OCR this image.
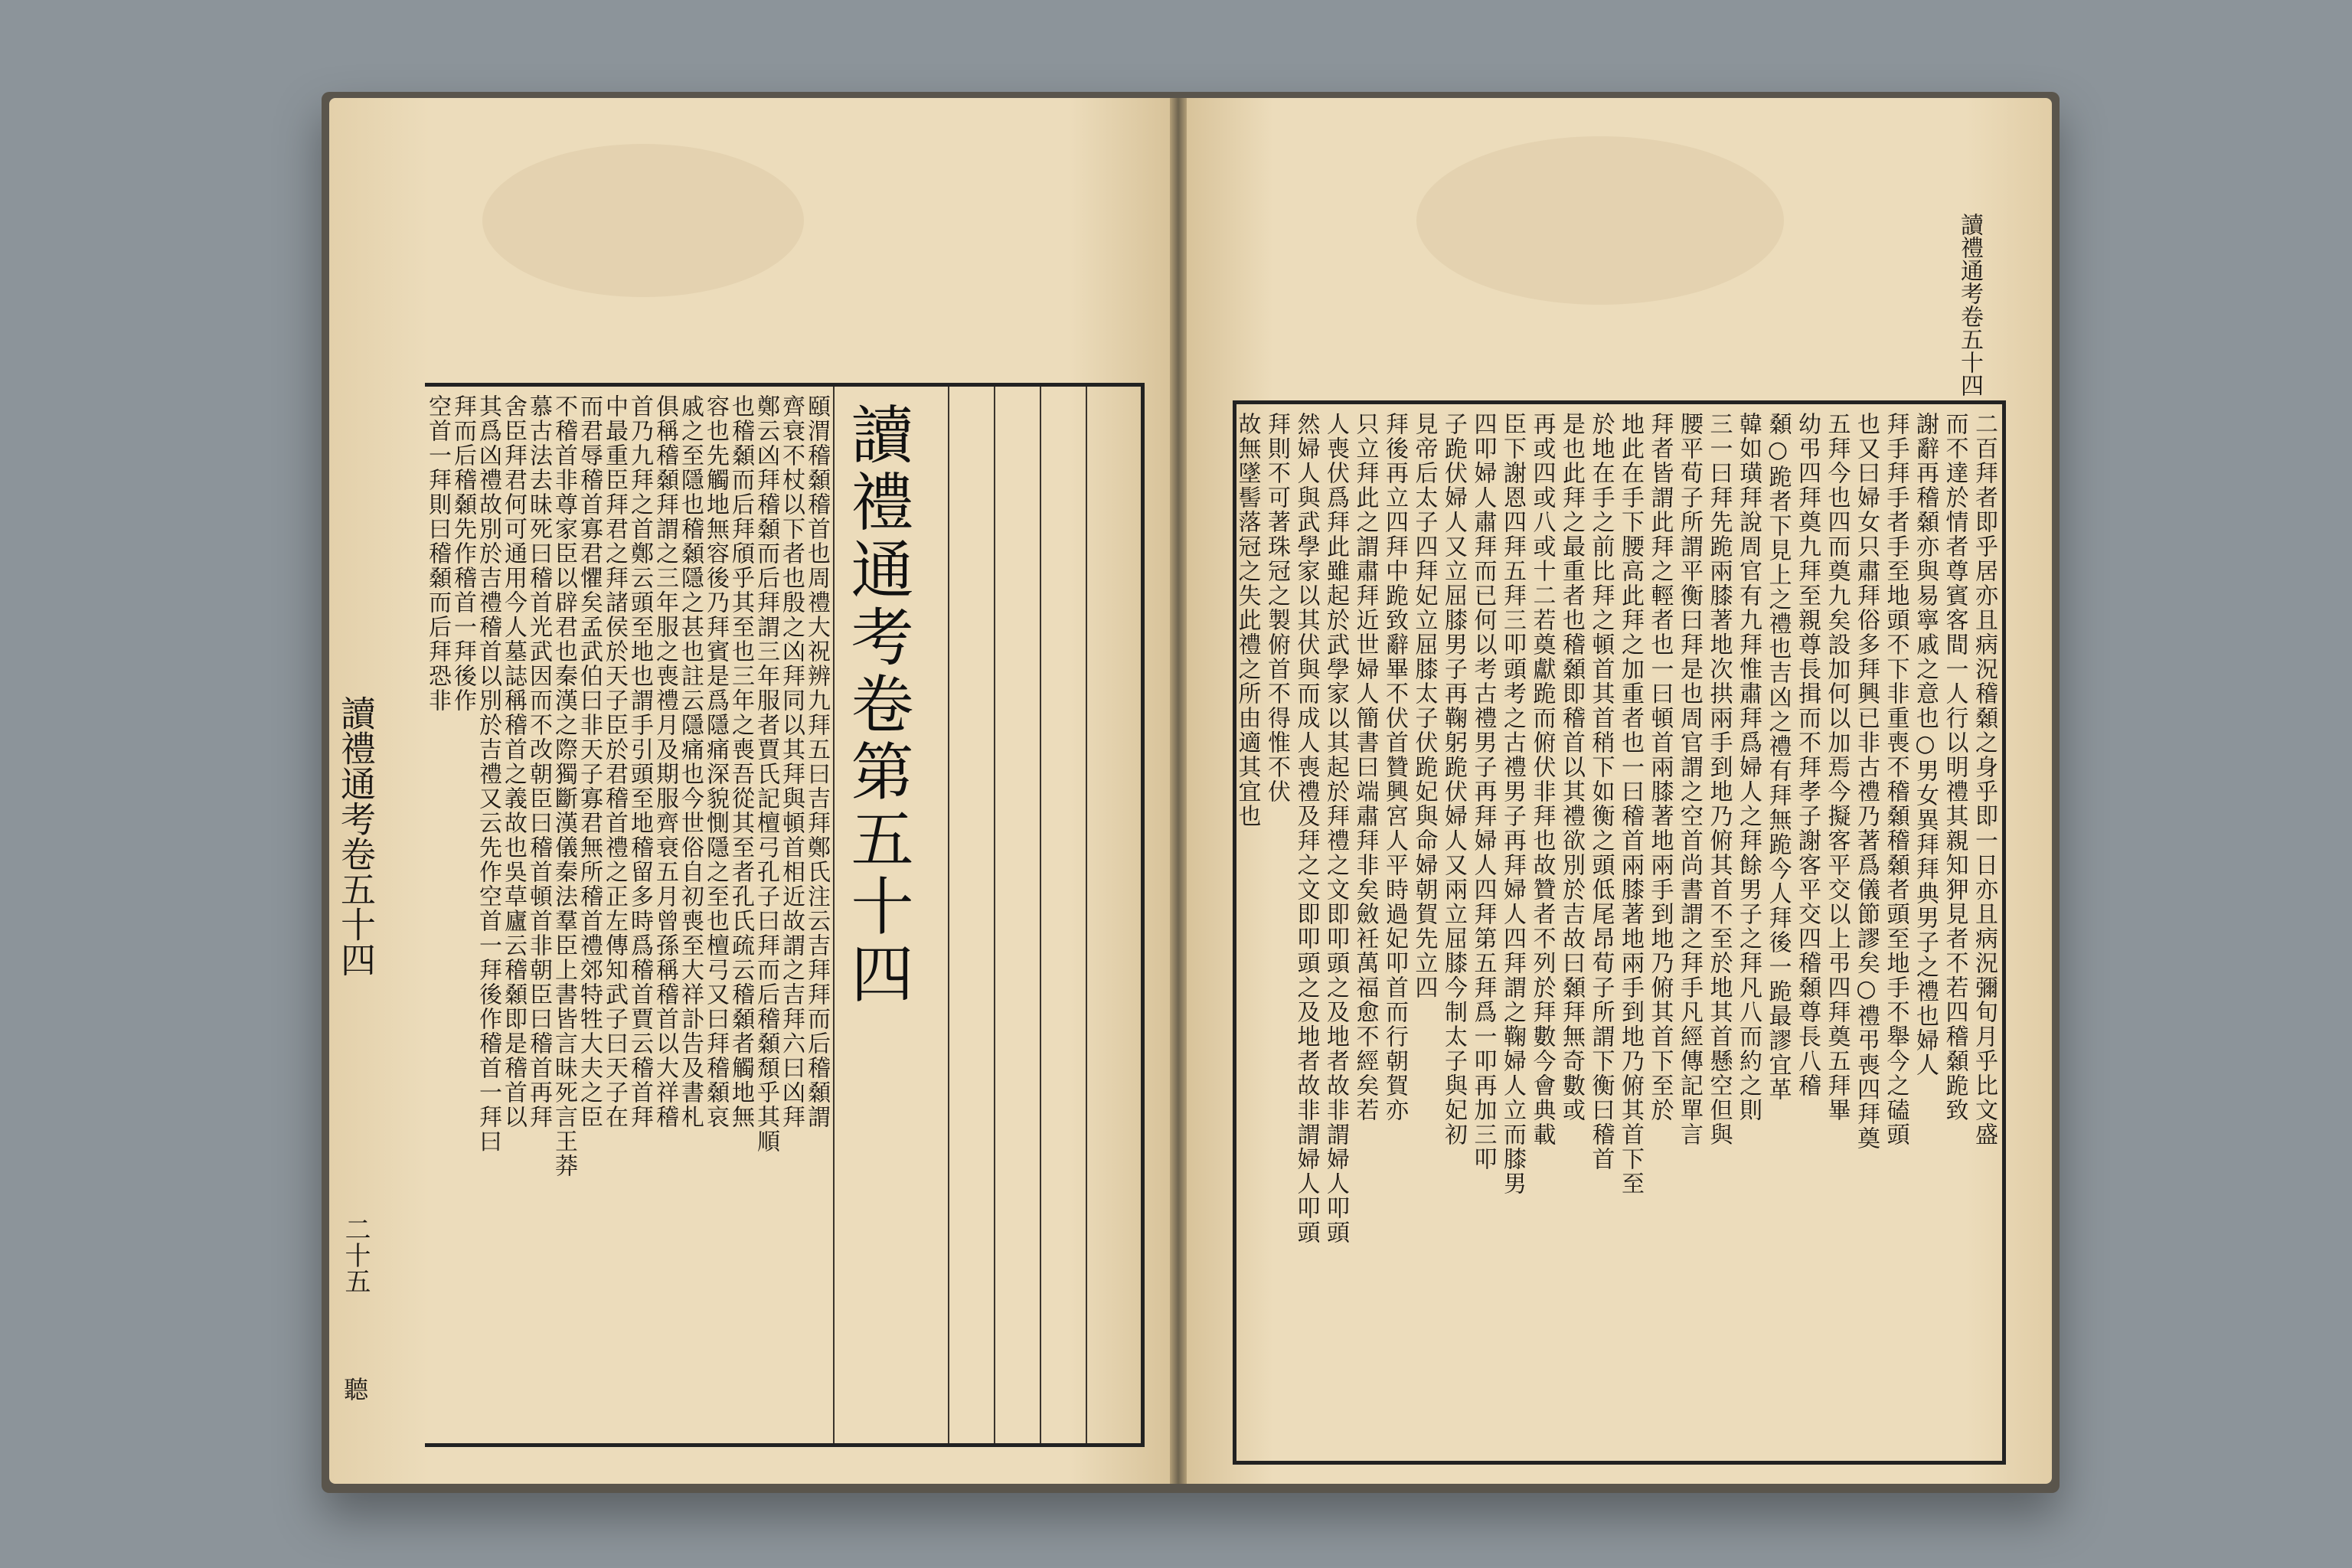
讀禮通考卷五十四
二十五
聽
讀禮通考卷第五十四
頤渭稽顙稽首也周禮大祝辨九拜五曰吉拜鄭氏注云吉拜拜而后稽顙謂
齊衰不杖以下者也殷之凶拜同以其拜與頓首相近故謂之吉拜六曰凶拜
鄭云凶拜稽顙而后拜謂三年服者賈氏記檀弓孔子曰拜而后稽顙頹乎其順
也稽顙而后拜頎乎其至也三年之喪吾從其至者孔氏疏云稽顙者觸地無
容也先觸地無容後乃拜賓是爲隱痛深貌惻隱之至也檀弓又曰拜稽顙哀
戚之至隱也稽顙隱之甚也註云隱痛也今世俗自初喪至大祥訃告及書札
俱稱稽顙拜謂之三年服之喪禮月及期服齊衰五月曾孫稱稽首以大祥稽
首乃九拜之首鄭云頭至地也謂手引頭至地稽留多時爲稽首賈云稽首拜
中最重臣拜君之拜諸侯於天子臣於君稽首禮之正左傳知武子曰天子在
而君辱稽首寡君懼矣孟武伯曰非天子寡君無所稽首禮郊特牲大夫之臣
不稽首非尊家臣以辟君也秦漢之際獨斷漢儀秦法羣臣上書皆言昧死言王莽
慕古法去昧死曰稽首光武因而不改朝臣曰稽首頓首非朝臣曰稽首再拜
舍臣拜君何可通用今人墓誌稱稽首之義故也吳草廬云稽顙即是稽首以
其爲凶禮故別於吉禮稽首以別於吉禮又云先作空首一拜後作稽首一拜曰
拜而后稽顙先作稽首一拜後作
空首一拜則曰稽顙而后拜恐非
讀禮通考卷五十四
二百拜者即乎居亦且病況稽顙之身乎即一日亦且病況彌旬月乎比文盛
而不達於情者尊賓客間一人行以明禮其親知狎見者不若四稽顙跪致
謝辭再稽顙亦與易寧戚之意也○男女異拜拜典男子之禮也婦人
拜手拜手者手至地頭不下非重喪不稽顙稽顙者頭至地手不舉今之磕頭
也又曰婦女只肅拜俗多拜興已非古禮乃著爲儀節謬矣○禮弔喪四拜奠
五拜今也四而奠九矣設加何以加焉今擬客平交以上弔四拜奠五拜畢
幼弔四拜奠九拜至親尊長揖而不拜孝子謝客平交四稽顙尊長八稽
顙○跪者下見上之禮也吉凶之禮有拜無跪今人拜後一跪最謬宜革
韓如璜拜說周官有九拜惟肅拜爲婦人之拜餘男子之拜凡八而約之則
三一曰拜先跪兩膝著地次拱兩手到地乃俯其首不至於地其首懸空但與
腰平荀子所謂平衡曰拜是也周官謂之空首尚書謂之拜手凡經傳記單言
拜者皆謂此拜之輕者也一曰頓首兩膝著地兩手到地乃俯其首下至於
地此在手下腰高此拜之加重者也一曰稽首兩膝著地兩手到地乃俯其首下至
於地在手之前比拜之頓首其首稍下如衡之頭低尾昂荀子所謂下衡曰稽首
是也此拜之最重者也稽顙即稽首以其禮欲別於吉故曰顙拜無奇數或
再或四或八或十二若奠獻跪而俯伏非拜也故贊者不列於拜數今會典載
臣下謝恩四拜五拜三叩頭考之古禮男子再拜婦人四拜謂之鞠婦人立而膝男
四叩婦人肅拜而已何以考古禮男子再拜婦人四拜第五拜爲一叩再加三叩
子跪伏婦人又立屈膝男子再鞠躬跪伏婦人又兩立屈膝今制太子與妃初
見帝后太子四拜妃立屈膝太子伏跪妃與命婦朝賀先立四
拜後再立四拜中跪致辭畢不伏首贊興宮人平時過妃叩首而行朝賀亦
只立拜此之謂肅拜近世婦人簡書曰端肅拜非矣斂衽萬福愈不經矣若
人喪伏爲拜此雖起於武學家以其起於拜禮之文即叩頭之及地者故非謂婦人叩頭
然婦人與武學家以其伏與而成人喪禮及拜之文即叩頭之及地者故非謂婦人叩頭
拜則不可著珠冠之製俯首不得惟不伏
故無墜髻落冠之失此禮之所由適其宜也
